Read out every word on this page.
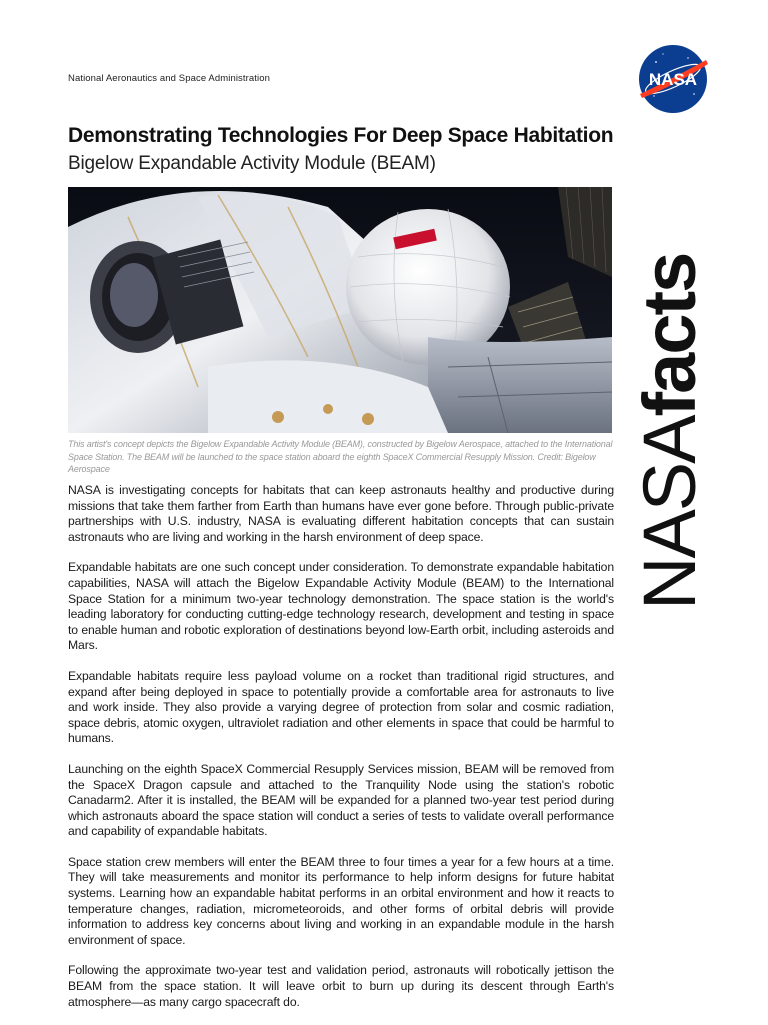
National Aeronautics and Space Administration	NASA
Demonstrating Technologies For Deep Space Habitation
Bigelow Expandable Activity Module (BEAM)
This artist's concept depicts the Bigelow Expandable Activity Module (BEAM), constructed by Bigelow Aerospace, attached to the International Space Station. The BEAM will be launched to the space station aboard the eighth SpaceX Commercial Resupply Mission. Credit: Bigelow Aerospace

NASA is investigating concepts for habitats that can keep astronauts healthy and productive during missions that take them farther from Earth than humans have ever gone before. Through public-private partnerships with U.S. industry, NASA is evaluating different habitation concepts that can sustain astronauts who are living and working in the harsh environment of deep space.

Expandable habitats are one such concept under consideration. To demonstrate expandable habitation capabilities, NASA will attach the Bigelow Expandable Activity Module (BEAM) to the International Space Station for a minimum two-year technology demonstration. The space station is the world's leading laboratory for conducting cutting-edge technology research, development and testing in space to enable human and robotic exploration of destinations beyond low-Earth orbit, including asteroids and Mars.

Expandable habitats require less payload volume on a rocket than traditional rigid structures, and expand after being deployed in space to potentially provide a comfortable area for astronauts to live and work inside. They also provide a varying degree of protection from solar and cosmic radiation, space debris, atomic oxygen, ultraviolet radiation and other elements in space that could be harmful to humans.

Launching on the eighth SpaceX Commercial Resupply Services mission, BEAM will be removed from the SpaceX Dragon capsule and attached to the Tranquility Node using the station's robotic Canadarm2. After it is installed, the BEAM will be expanded for a planned two-year test period during which astronauts aboard the space station will conduct a series of tests to validate overall performance and capability of expandable habitats.

Space station crew members will enter the BEAM three to four times a year for a few hours at a time. They will take measurements and monitor its performance to help inform designs for future habitat systems. Learning how an expandable habitat performs in an orbital environment and how it reacts to temperature changes, radiation, micrometeoroids, and other forms of orbital debris will provide information to address key concerns about living and working in an expandable module in the harsh environment of space.

Following the approximate two-year test and validation period, astronauts will robotically jettison the BEAM from the space station. It will leave orbit to burn up during its descent through Earth's atmosphere—as many cargo spacecraft do.

NASAfacts
